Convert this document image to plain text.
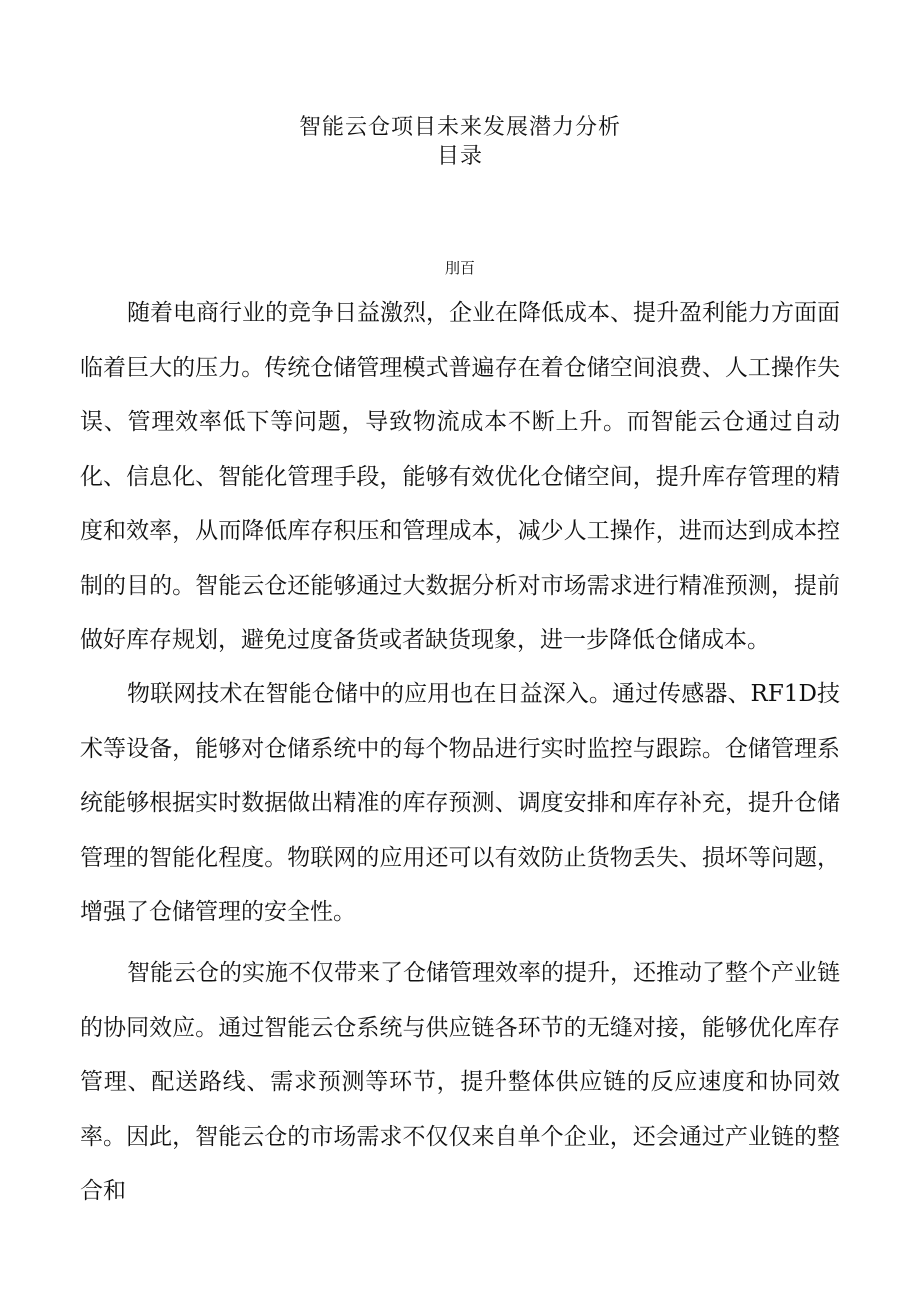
智能云仓项目未来发展潜力分析
目录
刖百

随着电商行业的竞争日益激烈，企业在降低成本、提升盈利能力方面面临着巨大的压力。传统仓储管理模式普遍存在着仓储空间浪费、人工操作失误、管理效率低下等问题，导致物流成本不断上升。而智能云仓通过自动化、信息化、智能化管理手段，能够有效优化仓储空间，提升库存管理的精度和效率，从而降低库存积压和管理成本，减少人工操作，进而达到成本控制的目的。智能云仓还能够通过大数据分析对市场需求进行精准预测，提前做好库存规划，避免过度备货或者缺货现象，进一步降低仓储成本。

物联网技术在智能仓储中的应用也在日益深入。通过传感器、RF1D技术等设备，能够对仓储系统中的每个物品进行实时监控与跟踪。仓储管理系统能够根据实时数据做出精准的库存预测、调度安排和库存补充，提升仓储管理的智能化程度。物联网的应用还可以有效防止货物丢失、损坏等问题，增强了仓储管理的安全性。

智能云仓的实施不仅带来了仓储管理效率的提升，还推动了整个产业链的协同效应。通过智能云仓系统与供应链各环节的无缝对接，能够优化库存管理、配送路线、需求预测等环节，提升整体供应链的反应速度和协同效率。因此，智能云仓的市场需求不仅仅来自单个企业，还会通过产业链的整合和
